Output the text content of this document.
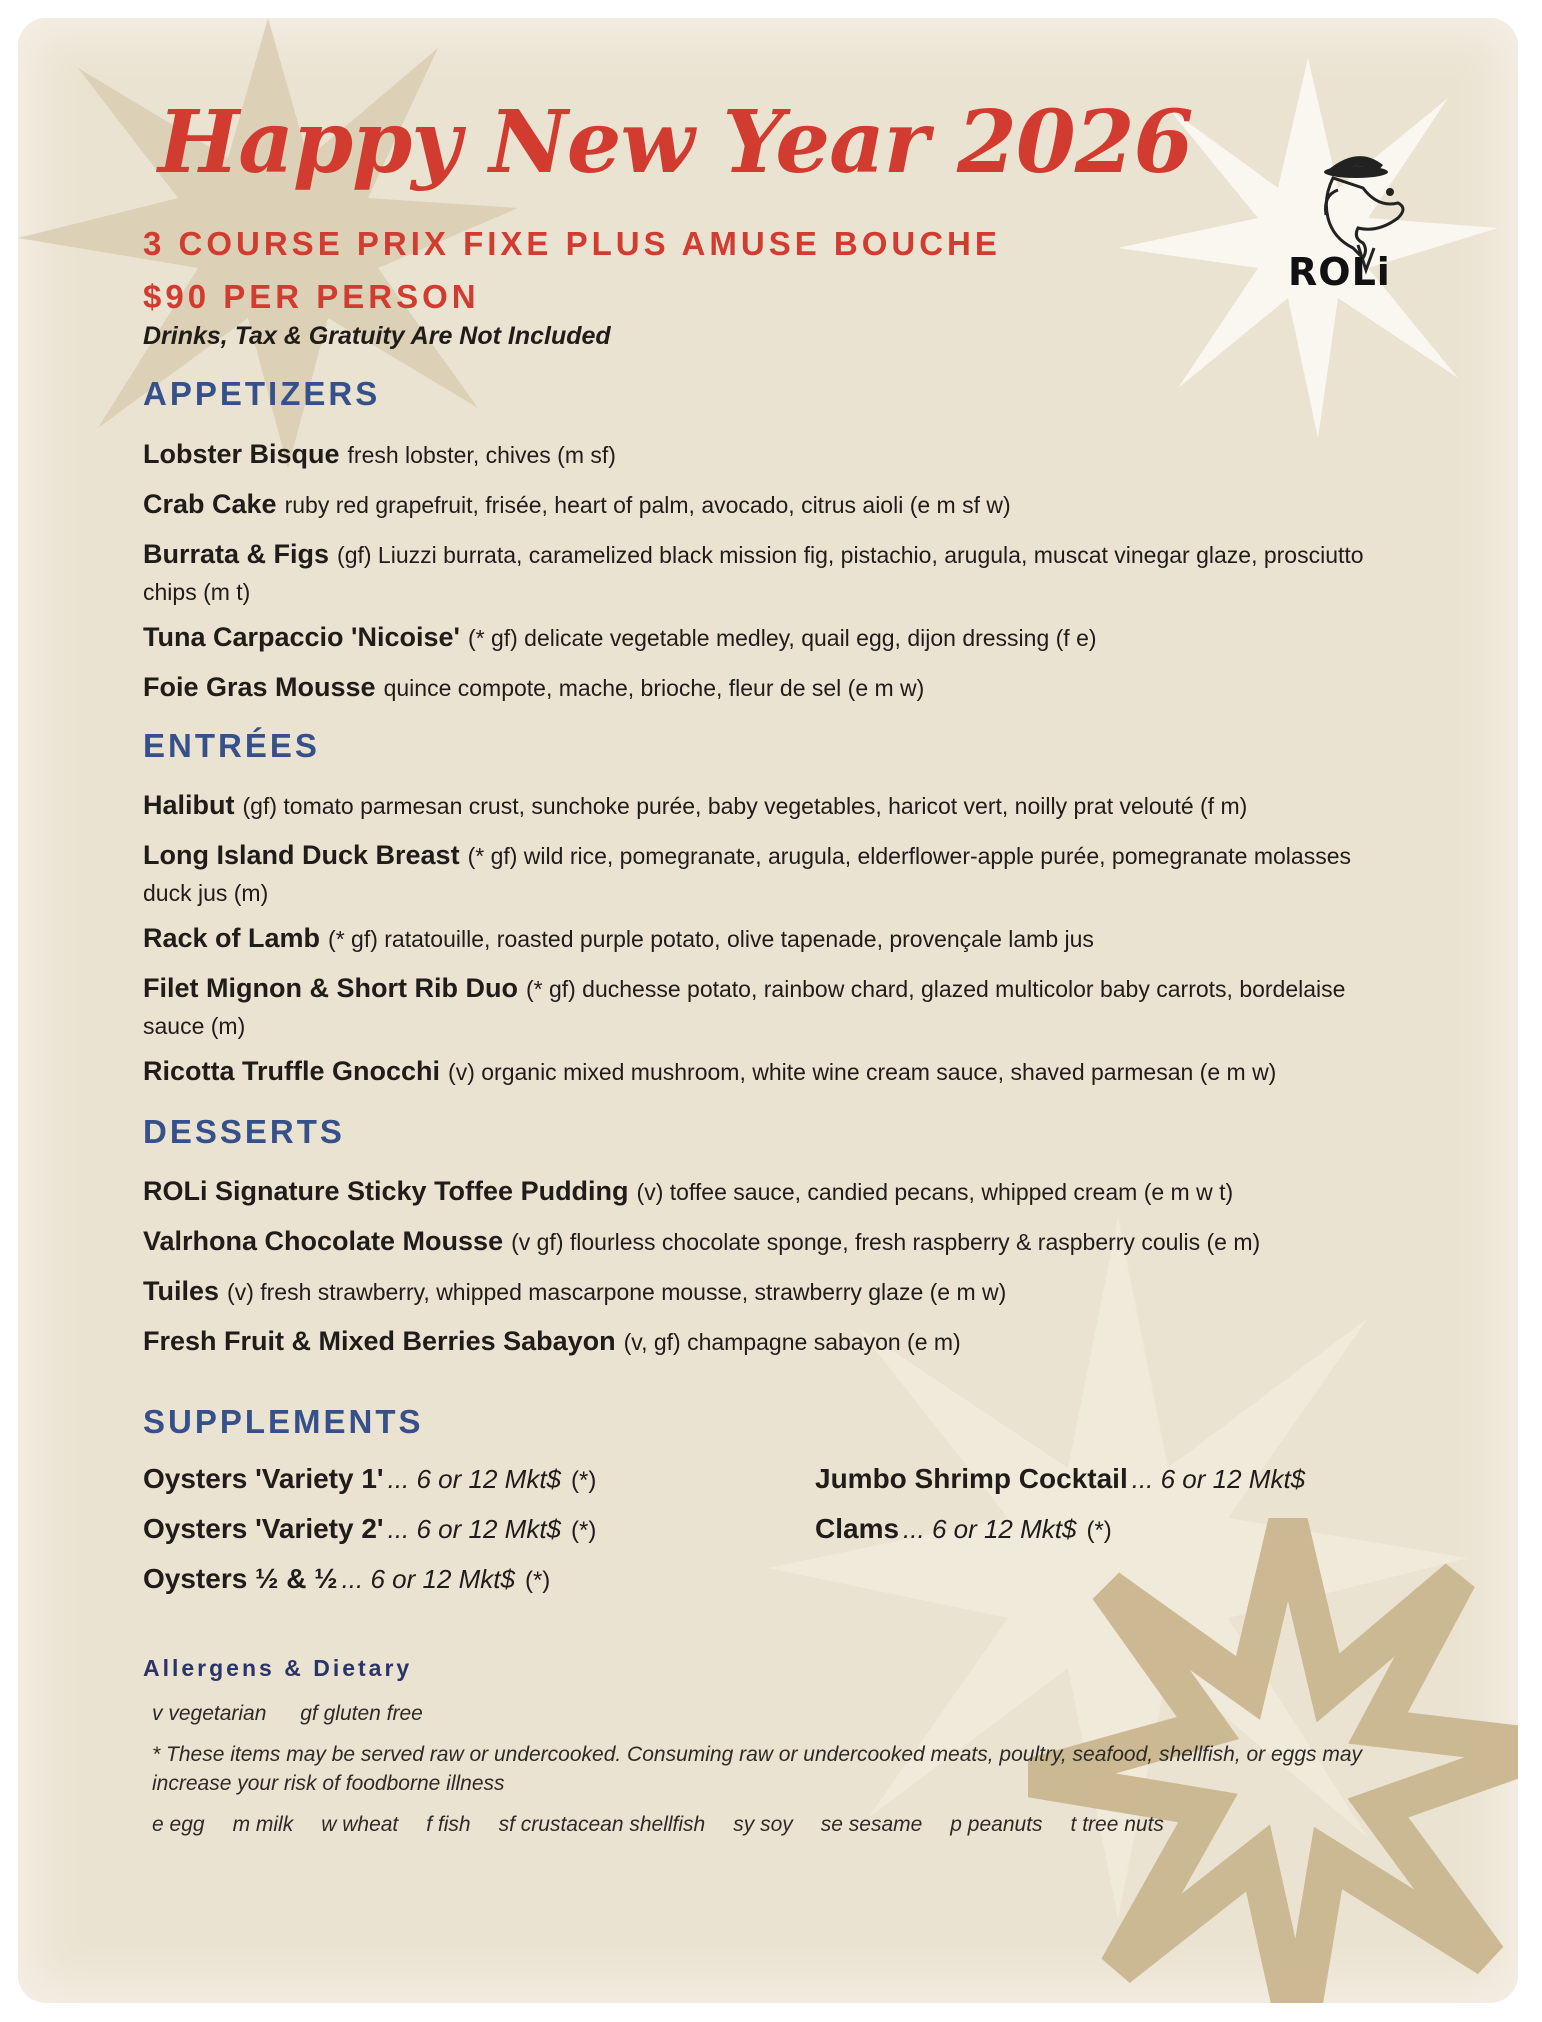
Happy New Year 2026

3 COURSE PRIX FIXE PLUS AMUSE BOUCHE

$90 PER PERSON

Drinks, Tax & Gratuity Are Not Included

ROLi
APPETIZERS
Lobster Bisque fresh lobster, chives (m sf)
Crab Cake ruby red grapefruit, frisée, heart of palm, avocado, citrus aioli (e m sf w)
Burrata & Figs (gf) Liuzzi burrata, caramelized black mission fig, pistachio, arugula, muscat vinegar glaze, prosciutto chips (m t)
Tuna Carpaccio 'Nicoise' (* gf) delicate vegetable medley, quail egg, dijon dressing (f e)
Foie Gras Mousse quince compote, mache, brioche, fleur de sel (e m w)
ENTRÉES
Halibut (gf) tomato parmesan crust, sunchoke purée, baby vegetables, haricot vert, noilly prat velouté (f m)
Long Island Duck Breast (* gf) wild rice, pomegranate, arugula, elderflower-apple purée, pomegranate molasses duck jus (m)
Rack of Lamb (* gf) ratatouille, roasted purple potato, olive tapenade, provençale lamb jus
Filet Mignon & Short Rib Duo (* gf) duchesse potato, rainbow chard, glazed multicolor baby carrots, bordelaise sauce (m)
Ricotta Truffle Gnocchi (v) organic mixed mushroom, white wine cream sauce, shaved parmesan (e m w)
DESSERTS
ROLi Signature Sticky Toffee Pudding (v) toffee sauce, candied pecans, whipped cream (e m w t)
Valrhona Chocolate Mousse (v gf) flourless chocolate sponge, fresh raspberry & raspberry coulis (e m)
Tuiles (v) fresh strawberry, whipped mascarpone mousse, strawberry glaze (e m w)
Fresh Fruit & Mixed Berries Sabayon (v, gf) champagne sabayon (e m)
SUPPLEMENTS
Oysters 'Variety 1' ... 6 or 12 Mkt$ (*)
Oysters 'Variety 2' ... 6 or 12 Mkt$ (*)
Oysters ½ & ½ ... 6 or 12 Mkt$ (*)
Jumbo Shrimp Cocktail ... 6 or 12 Mkt$
Clams ... 6 or 12 Mkt$ (*)
Allergens & Dietary
v vegetarian gf gluten free
* These items may be served raw or undercooked. Consuming raw or undercooked meats, poultry, seafood, shellfish, or eggs may increase your risk of foodborne illness
e egg m milk w wheat f fish sf crustacean shellfish sy soy se sesame p peanuts t tree nuts
